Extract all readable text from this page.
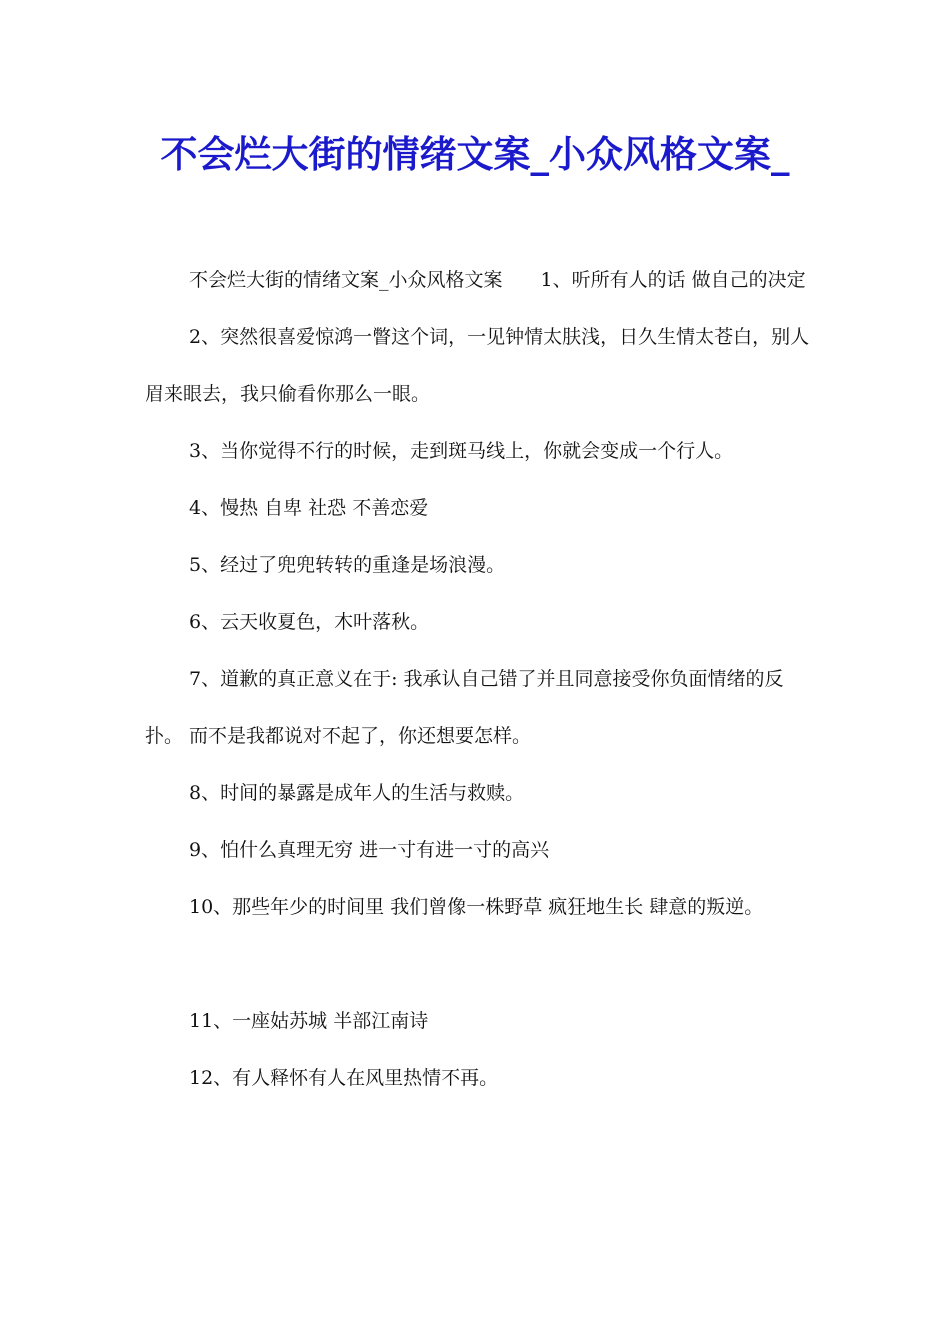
不会烂大街的情绪文案_小众风格文案_

不会烂大街的情绪文案_小众风格文案　　1、听所有人的话 做自己的决定

2、突然很喜爱惊鸿一瞥这个词，一见钟情太肤浅，日久生情太苍白，别人眉来眼去，我只偷看你那么一眼。

3、当你觉得不行的时候，走到斑马线上，你就会变成一个行人。

4、慢热 自卑 社恐 不善恋爱

5、经过了兜兜转转的重逢是场浪漫。

6、云天收夏色，木叶落秋。

7、道歉的真正意义在于: 我承认自己错了并且同意接受你负面情绪的反扑。 而不是我都说对不起了，你还想要怎样。

8、时间的暴露是成年人的生活与救赎。

9、怕什么真理无穷 进一寸有进一寸的高兴

10、那些年少的时间里 我们曾像一株野草 疯狂地生长 肆意的叛逆。

11、一座姑苏城 半部江南诗

12、有人释怀有人在风里热情不再。
